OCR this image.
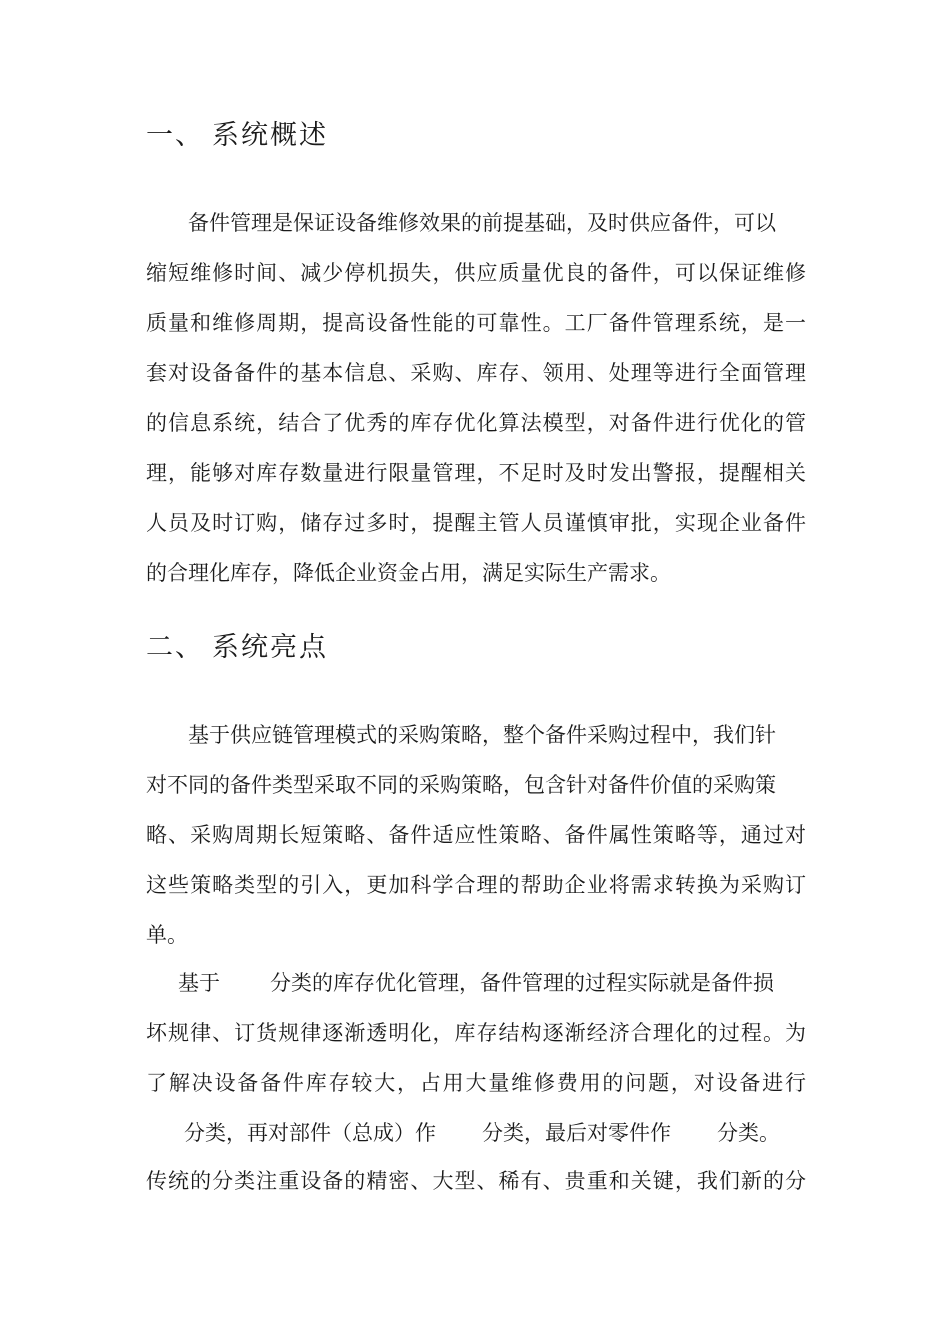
一、 系统概述
备件管理是保证设备维修效果的前提基础，及时供应备件，可以
缩短维修时间、减少停机损失，供应质量优良的备件，可以保证维修
质量和维修周期，提高设备性能的可靠性。工厂备件管理系统，是一
套对设备备件的基本信息、采购、库存、领用、处理等进行全面管理
的信息系统，结合了优秀的库存优化算法模型，对备件进行优化的管
理，能够对库存数量进行限量管理，不足时及时发出警报，提醒相关
人员及时订购，储存过多时，提醒主管人员谨慎审批，实现企业备件
的合理化库存，降低企业资金占用，满足实际生产需求。
二、 系统亮点
基于供应链管理模式的采购策略，整个备件采购过程中，我们针
对不同的备件类型采取不同的采购策略，包含针对备件价值的采购策
略、采购周期长短策略、备件适应性策略、备件属性策略等，通过对
这些策略类型的引入，更加科学合理的帮助企业将需求转换为采购订
单。
基于 分类的库存优化管理，备件管理的过程实际就是备件损
坏规律、订货规律逐渐透明化，库存结构逐渐经济合理化的过程。为
了解决设备备件库存较大，占用大量维修费用的问题，对设备进行
分类，再对部件（总成）作 分类，最后对零件作 分类。
传统的分类注重设备的精密、大型、稀有、贵重和关键，我们新的分
